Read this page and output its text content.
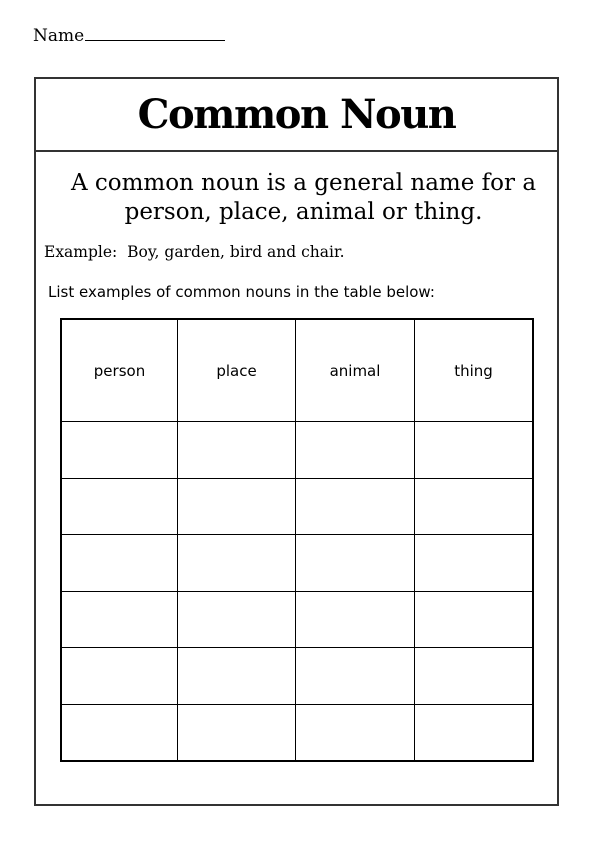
Name
Common Noun
A common noun is a general name for a person, place, animal or thing.
Example:  Boy, garden, bird and chair.
List examples of common nouns in the table below:
person	place	animal	thing
